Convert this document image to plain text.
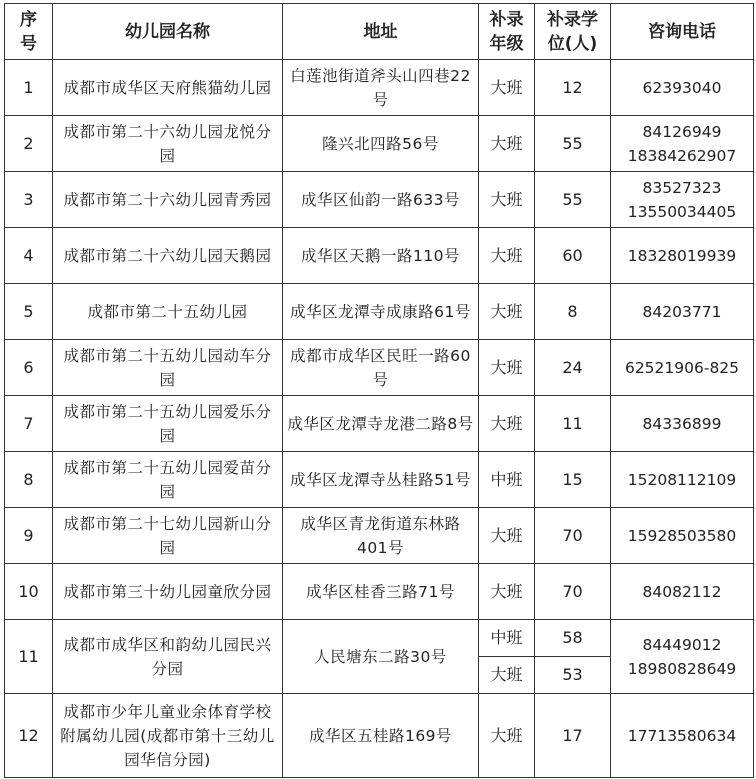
序号	幼儿园名称	地址	补录年级	补录学位(人)	咨询电话

1	成都市成华区天府熊猫幼儿园	白莲池街道斧头山四巷22号	大班	12	62393040

2	成都市第二十六幼儿园龙悦分园	隆兴北四路56号	大班	55	84126949 18384262907

3	成都市第二十六幼儿园青秀园	成华区仙韵一路633号	大班	55	83527323 13550034405

4	成都市第二十六幼儿园天鹅园	成华区天鹅一路110号	大班	60	18328019939

5	成都市第二十五幼儿园	成华区龙潭寺成康路61号	大班	8	84203771

6	成都市第二十五幼儿园动车分园	成都市成华区民旺一路60号	大班	24	62521906-825

7	成都市第二十五幼儿园爱乐分园	成华区龙潭寺龙港二路8号	大班	11	84336899

8	成都市第二十五幼儿园爱苗分园	成华区龙潭寺丛桂路51号	中班	15	15208112109

9	成都市第二十七幼儿园新山分园	成华区青龙街道东林路401号	大班	70	15928503580

10	成都市第三十幼儿园童欣分园	成华区桂香三路71号	大班	70	84082112

11	成都市成华区和韵幼儿园民兴分园	人民塘东二路30号	中班	58	84449012 18980828649

			大班	53	
12	成都市少年儿童业余体育学校附属幼儿园(成都市第十三幼儿园华信分园)	成华区五桂路169号	大班	17	17713580634
